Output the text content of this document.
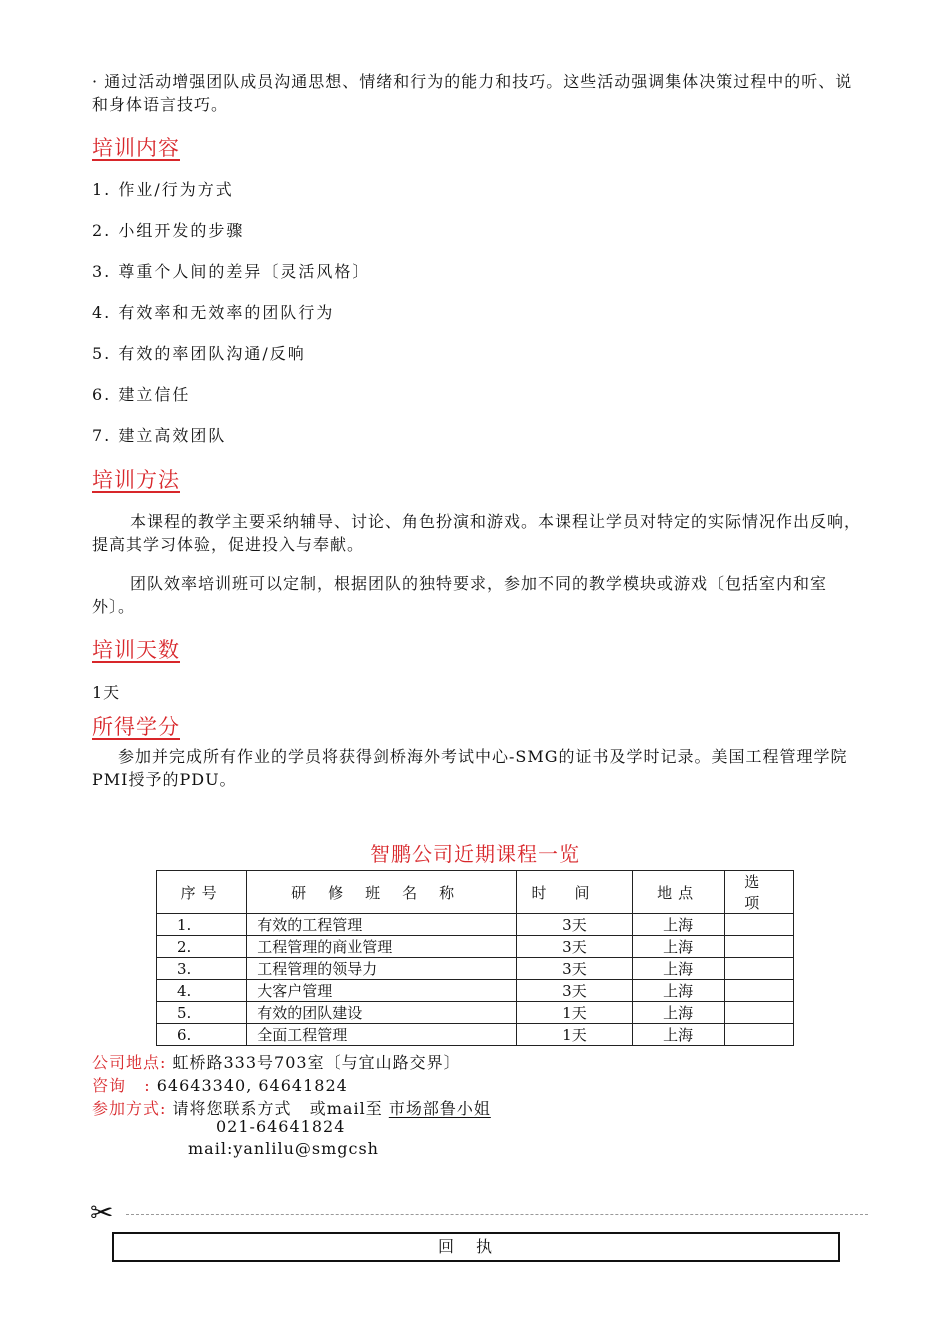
· 通过活动增强团队成员沟通思想、情绪和行为的能力和技巧。这些活动强调集体决策过程中的听、说和身体语言技巧。
培训内容
1. 作业/行为方式
2. 小组开发的步骤
3. 尊重个人间的差异〔灵活风格〕
4. 有效率和无效率的团队行为
5. 有效的率团队沟通/反响
6. 建立信任
7. 建立高效团队
培训方法
本课程的教学主要采纳辅导、讨论、角色扮演和游戏。本课程让学员对特定的实际情况作出反响，提高其学习体验，促进投入与奉献。
团队效率培训班可以定制，根据团队的独特要求，参加不同的教学模块或游戏〔包括室内和室外〕。
培训天数
1天
所得学分
参加并完成所有作业的学员将获得剑桥海外考试中心-SMG的证书及学时记录。美国工程管理学院PMI授予的PDU。
智鹏公司近期课程一览
序号	研修班名称	时间	地点	选项
1.	有效的工程管理	3天	上海	
2.	工程管理的商业管理	3天	上海	
3.	工程管理的领导力	3天	上海	
4.	大客户管理	3天	上海	
5.	有效的团队建设	1天	上海	
6.	全面工程管理	1天	上海	
公司地点: 虹桥路333号703室〔与宜山路交界〕
咨询   : 64643340, 64641824
参加方式: 请将您联系方式   或mail至 市场部鲁小姐
021-64641824
mail:yanlilu@smgcsh
✂
回执
